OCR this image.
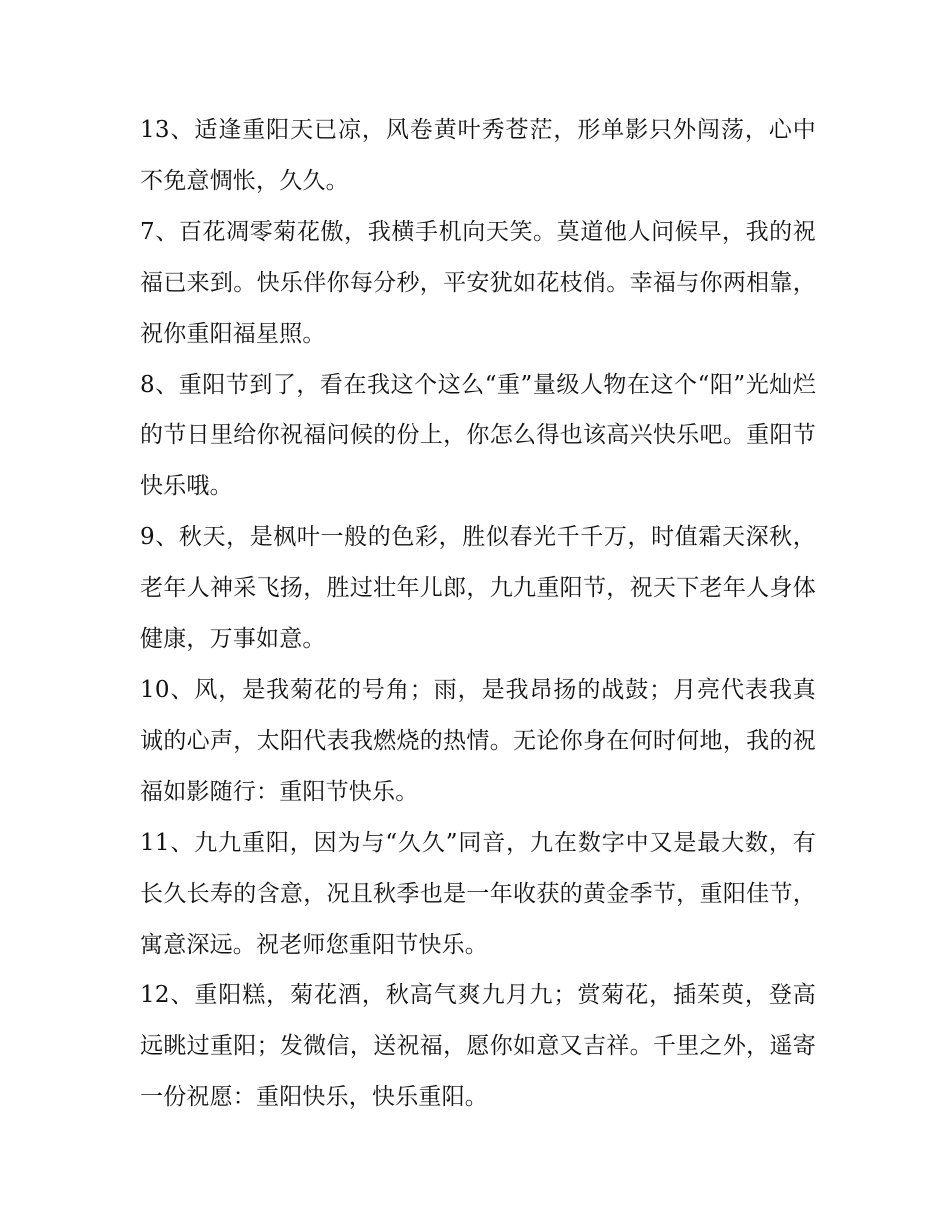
13、适逢重阳天已凉，风卷黄叶秀苍茫，形单影只外闯荡，心中不免意惆怅，久久。

7、百花凋零菊花傲，我横手机向天笑。莫道他人问候早，我的祝福已来到。快乐伴你每分秒，平安犹如花枝俏。幸福与你两相靠，祝你重阳福星照。

8、重阳节到了，看在我这个这么“重”量级人物在这个“阳”光灿烂的节日里给你祝福问候的份上，你怎么得也该高兴快乐吧。重阳节快乐哦。

9、秋天，是枫叶一般的色彩，胜似春光千千万，时值霜天深秋，老年人神采飞扬，胜过壮年儿郎，九九重阳节，祝天下老年人身体健康，万事如意。

10、风，是我菊花的号角；雨，是我昂扬的战鼓；月亮代表我真诚的心声，太阳代表我燃烧的热情。无论你身在何时何地，我的祝福如影随行：重阳节快乐。

11、九九重阳，因为与“久久”同音，九在数字中又是最大数，有长久长寿的含意，况且秋季也是一年收获的黄金季节，重阳佳节，寓意深远。祝老师您重阳节快乐。

12、重阳糕，菊花酒，秋高气爽九月九；赏菊花，插茱萸，登高远眺过重阳；发微信，送祝福，愿你如意又吉祥。千里之外，遥寄一份祝愿：重阳快乐，快乐重阳。
